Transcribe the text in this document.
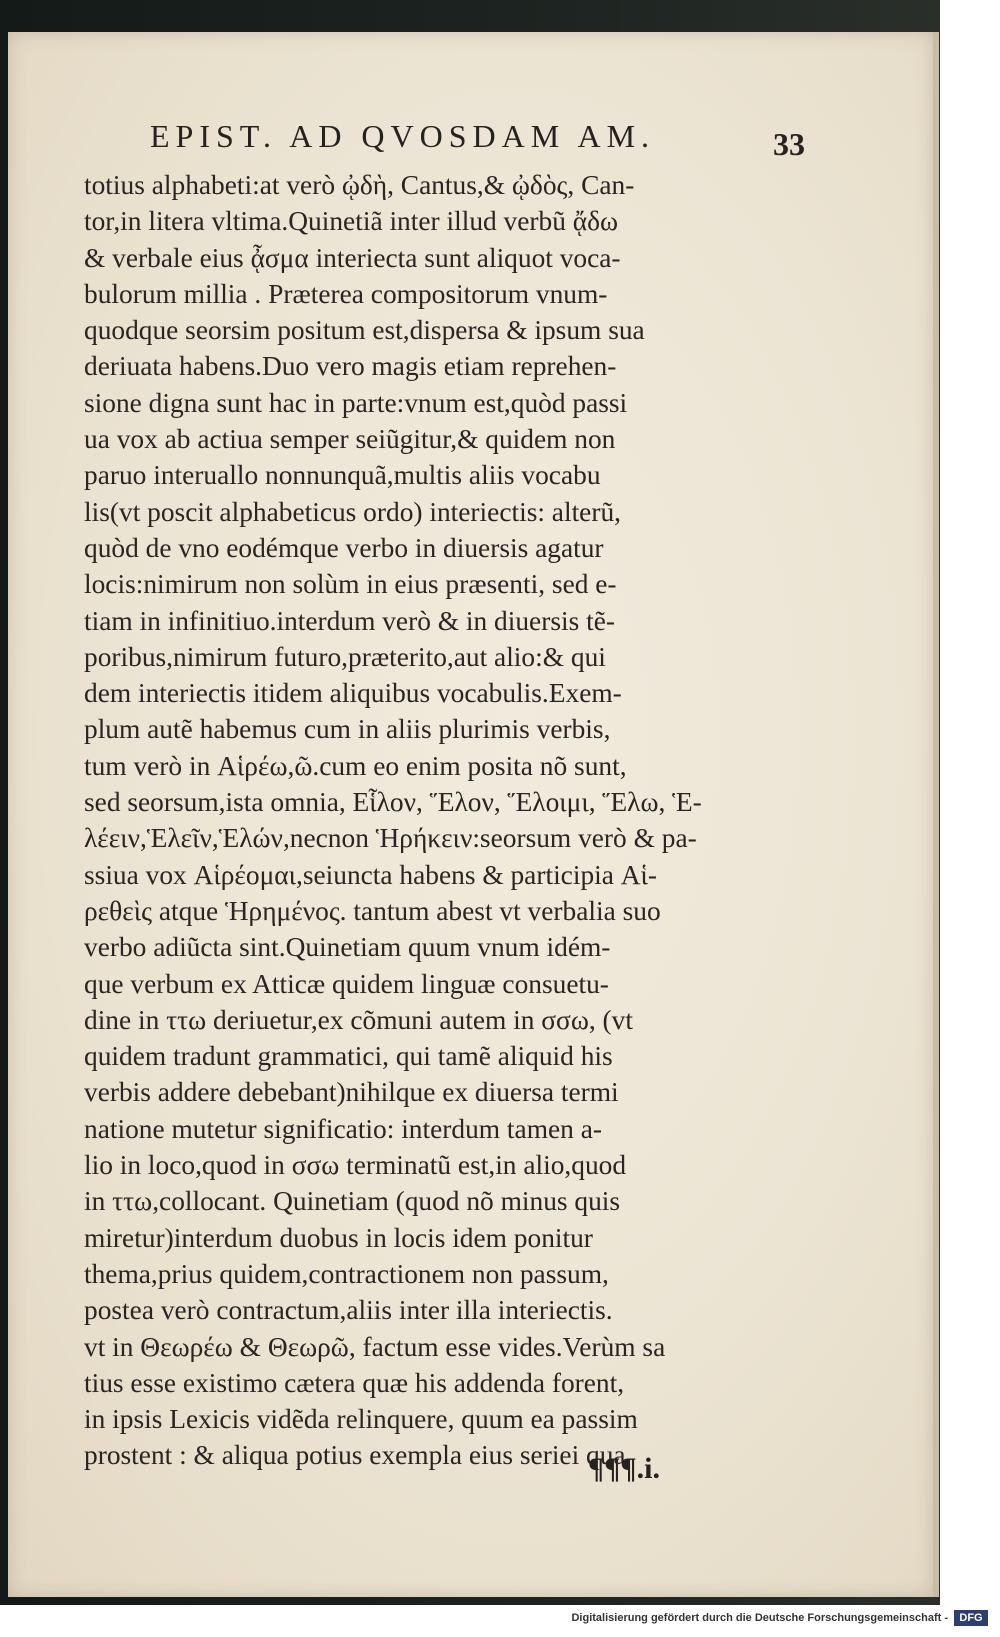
EPIST. AD QVOSDAM AM.	33
totius alphabeti:at verò ᾠδὴ, Cantus,& ᾠδὸς, Can-
tor,in litera vltima.Quinetiã inter illud verbũ ᾄδω
& verbale eius ᾆσμα interiecta sunt aliquot voca-
bulorum millia . Præterea compositorum vnum-
quodque seorsim positum est,dispersa & ipsum sua
deriuata habens.Duo vero magis etiam reprehen-
sione digna sunt hac in parte:vnum est,quòd passi
ua vox ab actiua semper seiũgitur,& quidem non
paruo interuallo nonnunquã,multis aliis vocabu
lis(vt poscit alphabeticus ordo) interiectis: alterũ,
quòd de vno eodémque verbo in diuersis agatur
locis:nimirum non solùm in eius præsenti, sed e-
tiam in infinitiuo.interdum verò & in diuersis tẽ-
poribus,nimirum futuro,præterito,aut alio:& qui
dem interiectis itidem aliquibus vocabulis.Exem-
plum autẽ habemus cum in aliis plurimis verbis,
tum verò in Αἱρέω,ῶ.cum eo enim posita nõ sunt,
sed seorsum,ista omnia, Εἷλον, Ἕλον, Ἕλοιμι, Ἕλω, Ἑ-
λέειν,Ἑλεῖν,Ἑλών,necnon Ἡρήκειν:seorsum verò & pa-
ssiua vox Αἱρέομαι,seiuncta habens & participia Αἱ-
ρεθεὶς atque Ἡρημένος. tantum abest vt verbalia suo
verbo adiũcta sint.Quinetiam quum vnum idém-
que verbum ex Atticæ quidem linguæ consuetu-
dine in ττω deriuetur,ex cõmuni autem in σσω, (vt
quidem tradunt grammatici, qui tamẽ aliquid his
verbis addere debebant)nihilque ex diuersa termi
natione mutetur significatio: interdum tamen a-
lio in loco,quod in σσω terminatũ est,in alio,quod
in ττω,collocant. Quinetiam (quod nõ minus quis
miretur)interdum duobus in locis idem ponitur
thema,prius quidem,contractionem non passum,
postea verò contractum,aliis inter illa interiectis.
vt in Θεωρέω & Θεωρῶ, factum esse vides.Verùm sa
tius esse existimo cætera quæ his addenda forent,
in ipsis Lexicis vidẽda relinquere, quum ea passim
prostent : & aliqua potius exempla eius seriei qua
¶¶¶.i.
Digitalisierung gefördert durch die Deutsche Forschungsgemeinschaft -	DFG
